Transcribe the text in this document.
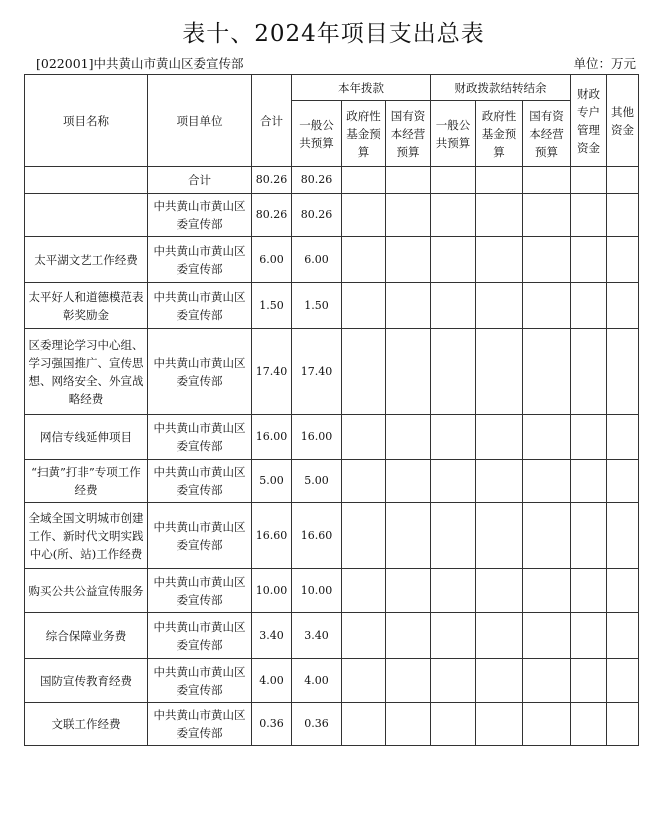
表十、2024年项目支出总表
[022001]中共黄山市黄山区委宣传部	单位：万元
项目名称	项目单位	合计	本年拨款			财政拨款结转结余			财政专户管理资金	其他资金
			一般公共预算	政府性基金预算	国有资本经营预算	一般公共预算	政府性基金预算	国有资本经营预算		
	合计	80.26	80.26							
	中共黄山市黄山区委宣传部	80.26	80.26							
太平湖文艺工作经费	中共黄山市黄山区委宣传部	6.00	6.00							
太平好人和道德模范表彰奖励金	中共黄山市黄山区委宣传部	1.50	1.50							
区委理论学习中心组、学习强国推广、宣传思想、网络安全、外宣战略经费	中共黄山市黄山区委宣传部	17.40	17.40							
网信专线延伸项目	中共黄山市黄山区委宣传部	16.00	16.00							
“扫黄”打非”专项工作经费	中共黄山市黄山区委宣传部	5.00	5.00							
全域全国文明城市创建工作、新时代文明实践中心(所、站)工作经费	中共黄山市黄山区委宣传部	16.60	16.60							
购买公共公益宣传服务	中共黄山市黄山区委宣传部	10.00	10.00							
综合保障业务费	中共黄山市黄山区委宣传部	3.40	3.40							
国防宣传教育经费	中共黄山市黄山区委宣传部	4.00	4.00							
文联工作经费	中共黄山市黄山区委宣传部	0.36	0.36							
